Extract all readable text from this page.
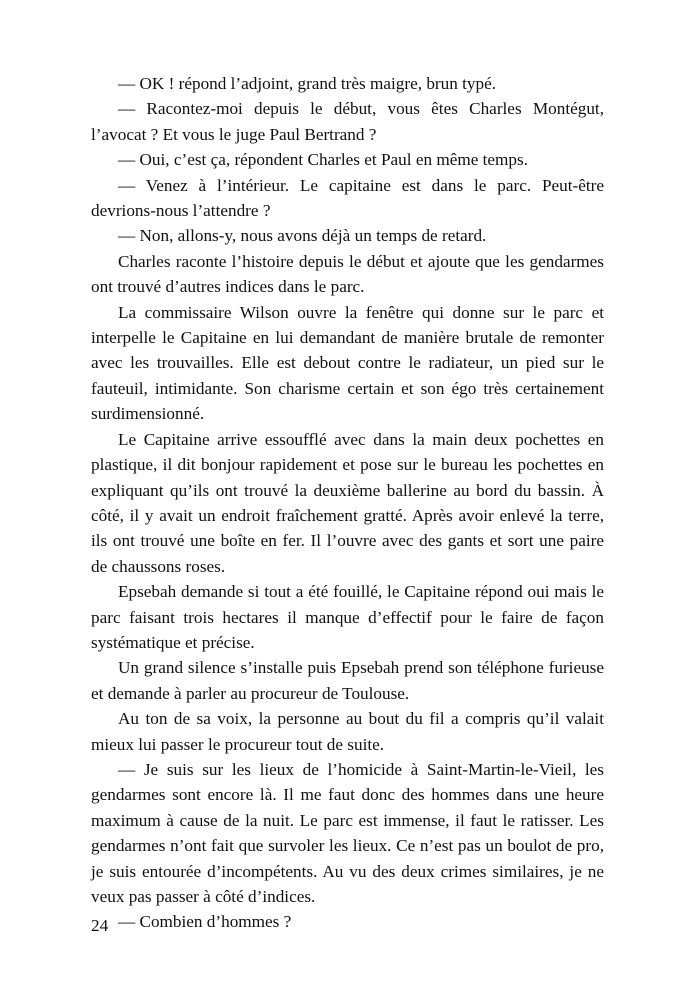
— OK ! répond l’adjoint, grand très maigre, brun typé.

— Racontez-moi depuis le début, vous êtes Charles Montégut, l’avocat ? Et vous le juge Paul Bertrand ?

— Oui, c’est ça, répondent Charles et Paul en même temps.

— Venez à l’intérieur. Le capitaine est dans le parc. Peut-être devrions-nous l’attendre ?

— Non, allons-y, nous avons déjà un temps de retard.

Charles raconte l’histoire depuis le début et ajoute que les gendarmes ont trouvé d’autres indices dans le parc.

La commissaire Wilson ouvre la fenêtre qui donne sur le parc et interpelle le Capitaine en lui demandant de manière brutale de remonter avec les trouvailles. Elle est debout contre le radiateur, un pied sur le fauteuil, intimidante. Son charisme certain et son égo très certainement surdimensionné.

Le Capitaine arrive essoufflé avec dans la main deux pochettes en plastique, il dit bonjour rapidement et pose sur le bureau les pochettes en expliquant qu’ils ont trouvé la deuxième ballerine au bord du bassin. À côté, il y avait un endroit fraîchement gratté. Après avoir enlevé la terre, ils ont trouvé une boîte en fer. Il l’ouvre avec des gants et sort une paire de chaussons roses.

Epsebah demande si tout a été fouillé, le Capitaine répond oui mais le parc faisant trois hectares il manque d’effectif pour le faire de façon systématique et précise.

Un grand silence s’installe puis Epsebah prend son téléphone furieuse et demande à parler au procureur de Toulouse.

Au ton de sa voix, la personne au bout du fil a compris qu’il valait mieux lui passer le procureur tout de suite.

— Je suis sur les lieux de l’homicide à Saint-Martin-le-Vieil, les gendarmes sont encore là. Il me faut donc des hommes dans une heure maximum à cause de la nuit. Le parc est immense, il faut le ratisser. Les gendarmes n’ont fait que survoler les lieux. Ce n’est pas un boulot de pro, je suis entourée d’incompétents. Au vu des deux crimes similaires, je ne veux pas passer à côté d’indices.

— Combien d’hommes ?

24
